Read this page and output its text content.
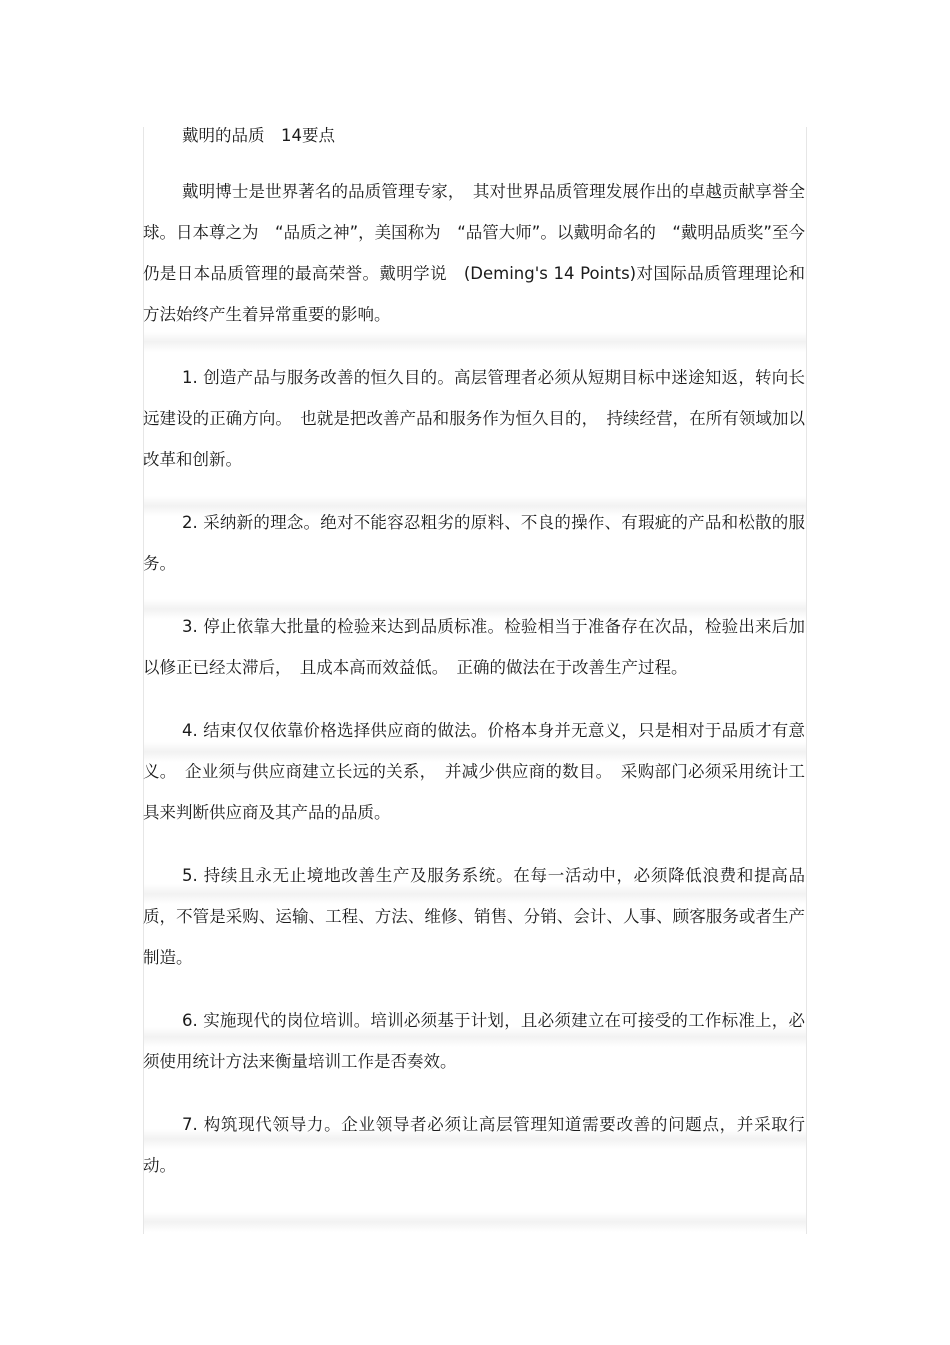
戴明的品质　14要点

戴明博士是世界著名的品质管理专家，　其对世界品质管理发展作出的卓越贡献享誉全球。日本尊之为　“品质之神”，美国称为　“品管大师”。以戴明命名的　“戴明品质奖”至今仍是日本品质管理的最高荣誉。戴明学说　(Deming's 14 Points)对国际品质管理理论和方法始终产生着异常重要的影响。

1. 创造产品与服务改善的恒久目的。高层管理者必须从短期目标中迷途知返，转向长远建设的正确方向。　也就是把改善产品和服务作为恒久目的，　持续经营，在所有领域加以改革和创新。

2. 采纳新的理念。绝对不能容忍粗劣的原料、不良的操作、有瑕疵的产品和松散的服务。

3. 停止依靠大批量的检验来达到品质标准。检验相当于准备存在次品，检验出来后加以修正已经太滞后，　且成本高而效益低。　正确的做法在于改善生产过程。

4. 结束仅仅依靠价格选择供应商的做法。价格本身并无意义，只是相对于品质才有意义。　企业须与供应商建立长远的关系，　并减少供应商的数目。　采购部门必须采用统计工具来判断供应商及其产品的品质。

5. 持续且永无止境地改善生产及服务系统。在每一活动中，必须降低浪费和提高品质，不管是采购、运输、工程、方法、维修、销售、分销、会计、人事、顾客服务或者生产制造。

6. 实施现代的岗位培训。培训必须基于计划，且必须建立在可接受的工作标准上，必须使用统计方法来衡量培训工作是否奏效。

7. 构筑现代领导力。企业领导者必须让高层管理知道需要改善的问题点，并采取行动。
